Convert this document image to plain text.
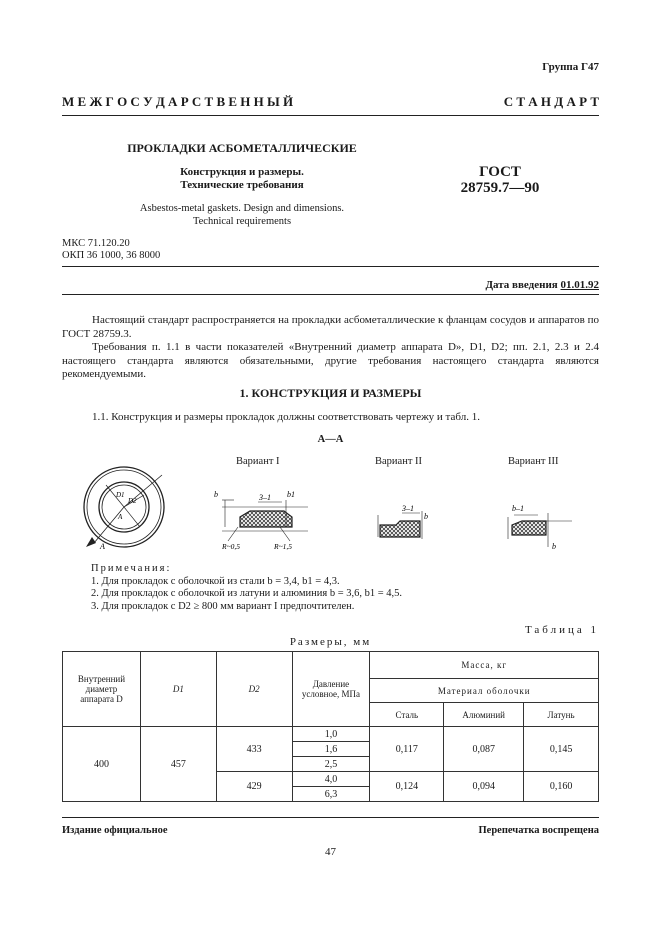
Группа Г47
М Е Ж Г О С У Д А Р С Т В Е Н Н Ы Й	С Т А Н Д А Р Т
ПРОКЛАДКИ АСБОМЕТАЛЛИЧЕСКИЕ
Конструкция и размеры.
Технические требования
Asbestos-metal gaskets. Design and dimensions.
Technical requirements
ГОСТ
28759.7—90
МКС 71.120.20
ОКП 36 1000, 36 8000
Дата введения 01.01.92
Настоящий стандарт распространяется на прокладки асбометаллические к фланцам сосудов и аппаратов по ГОСТ 28759.3.
Требования п. 1.1 в части показателей «Внутренний диаметр аппарата D», D1, D2; пп. 2.1, 2.3 и 2.4 настоящего стандарта являются обязательными, другие требования настоящего стандарта являются рекомендуемыми.
1. КОНСТРУКЦИЯ И РАЗМЕРЫ
1.1. Конструкция и размеры прокладок должны соответствовать чертежу и табл. 1.
А—А
Вариант I	Вариант II	Вариант III
D1
D2
А
А
b	b1
3–1
R~0,5	R~1,5
3–1
b
b–1
b
Примечания:
1. Для прокладок с оболочкой из стали b = 3,4, b1 = 4,3.
2. Для прокладок с оболочкой из латуни и алюминия b = 3,6, b1 = 4,5.
3. Для прокладок с D2 ≥ 800 мм вариант I предпочтителен.
Таблица 1
Размеры, мм
Внутренний диаметр аппарата D	D1	D2	Давление условное, МПа	Масса, кг		
				Материал оболочки		
				Сталь	Алюминий	Латунь
400	457	433	1,0	0,117	0,087	0,145
			1,6			
			2,5			
		429	4,0	0,124	0,094	0,160
			6,3			
Издание официальное	Перепечатка воспрещена
47
